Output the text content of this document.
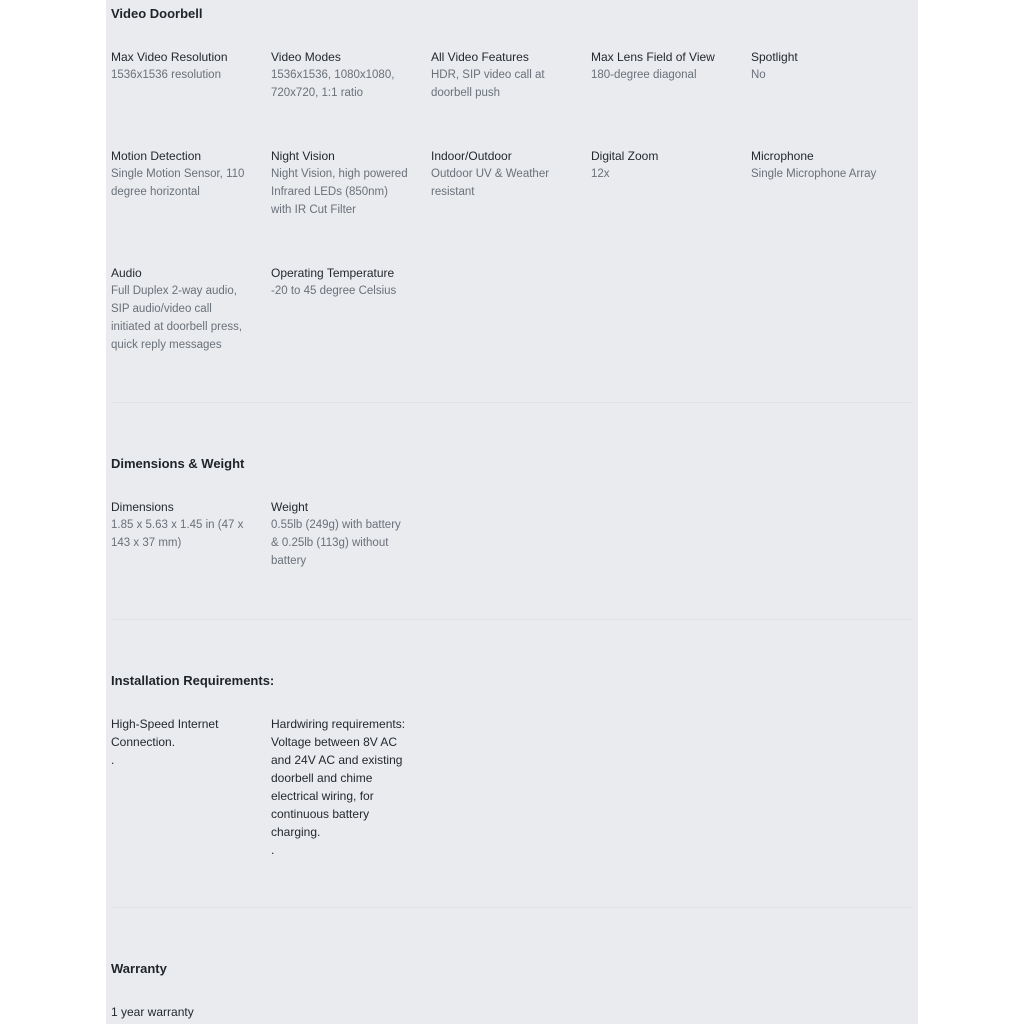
Video Doorbell
Max Video Resolution
1536x1536 resolution
Video Modes
1536x1536, 1080x1080, 720x720, 1:1 ratio
All Video Features
HDR, SIP video call at doorbell push
Max Lens Field of View
180-degree diagonal
Spotlight
No
Motion Detection
Single Motion Sensor, 110 degree horizontal
Night Vision
Night Vision, high powered Infrared LEDs (850nm) with IR Cut Filter
Indoor/Outdoor
Outdoor UV & Weather resistant
Digital Zoom
12x
Microphone
Single Microphone Array
Audio
Full Duplex 2-way audio, SIP audio/video call initiated at doorbell press, quick reply messages
Operating Temperature
-20 to 45 degree Celsius
Dimensions & Weight
Dimensions
1.85 x 5.63 x 1.45 in (47 x 143 x 37 mm)
Weight
0.55lb (249g) with battery & 0.25lb (113g) without battery
Installation Requirements:
High-Speed Internet Connection.
.
Hardwiring requirements: Voltage between 8V AC and 24V AC and existing doorbell and chime electrical wiring, for continuous battery charging.
.
Warranty
1 year warranty
